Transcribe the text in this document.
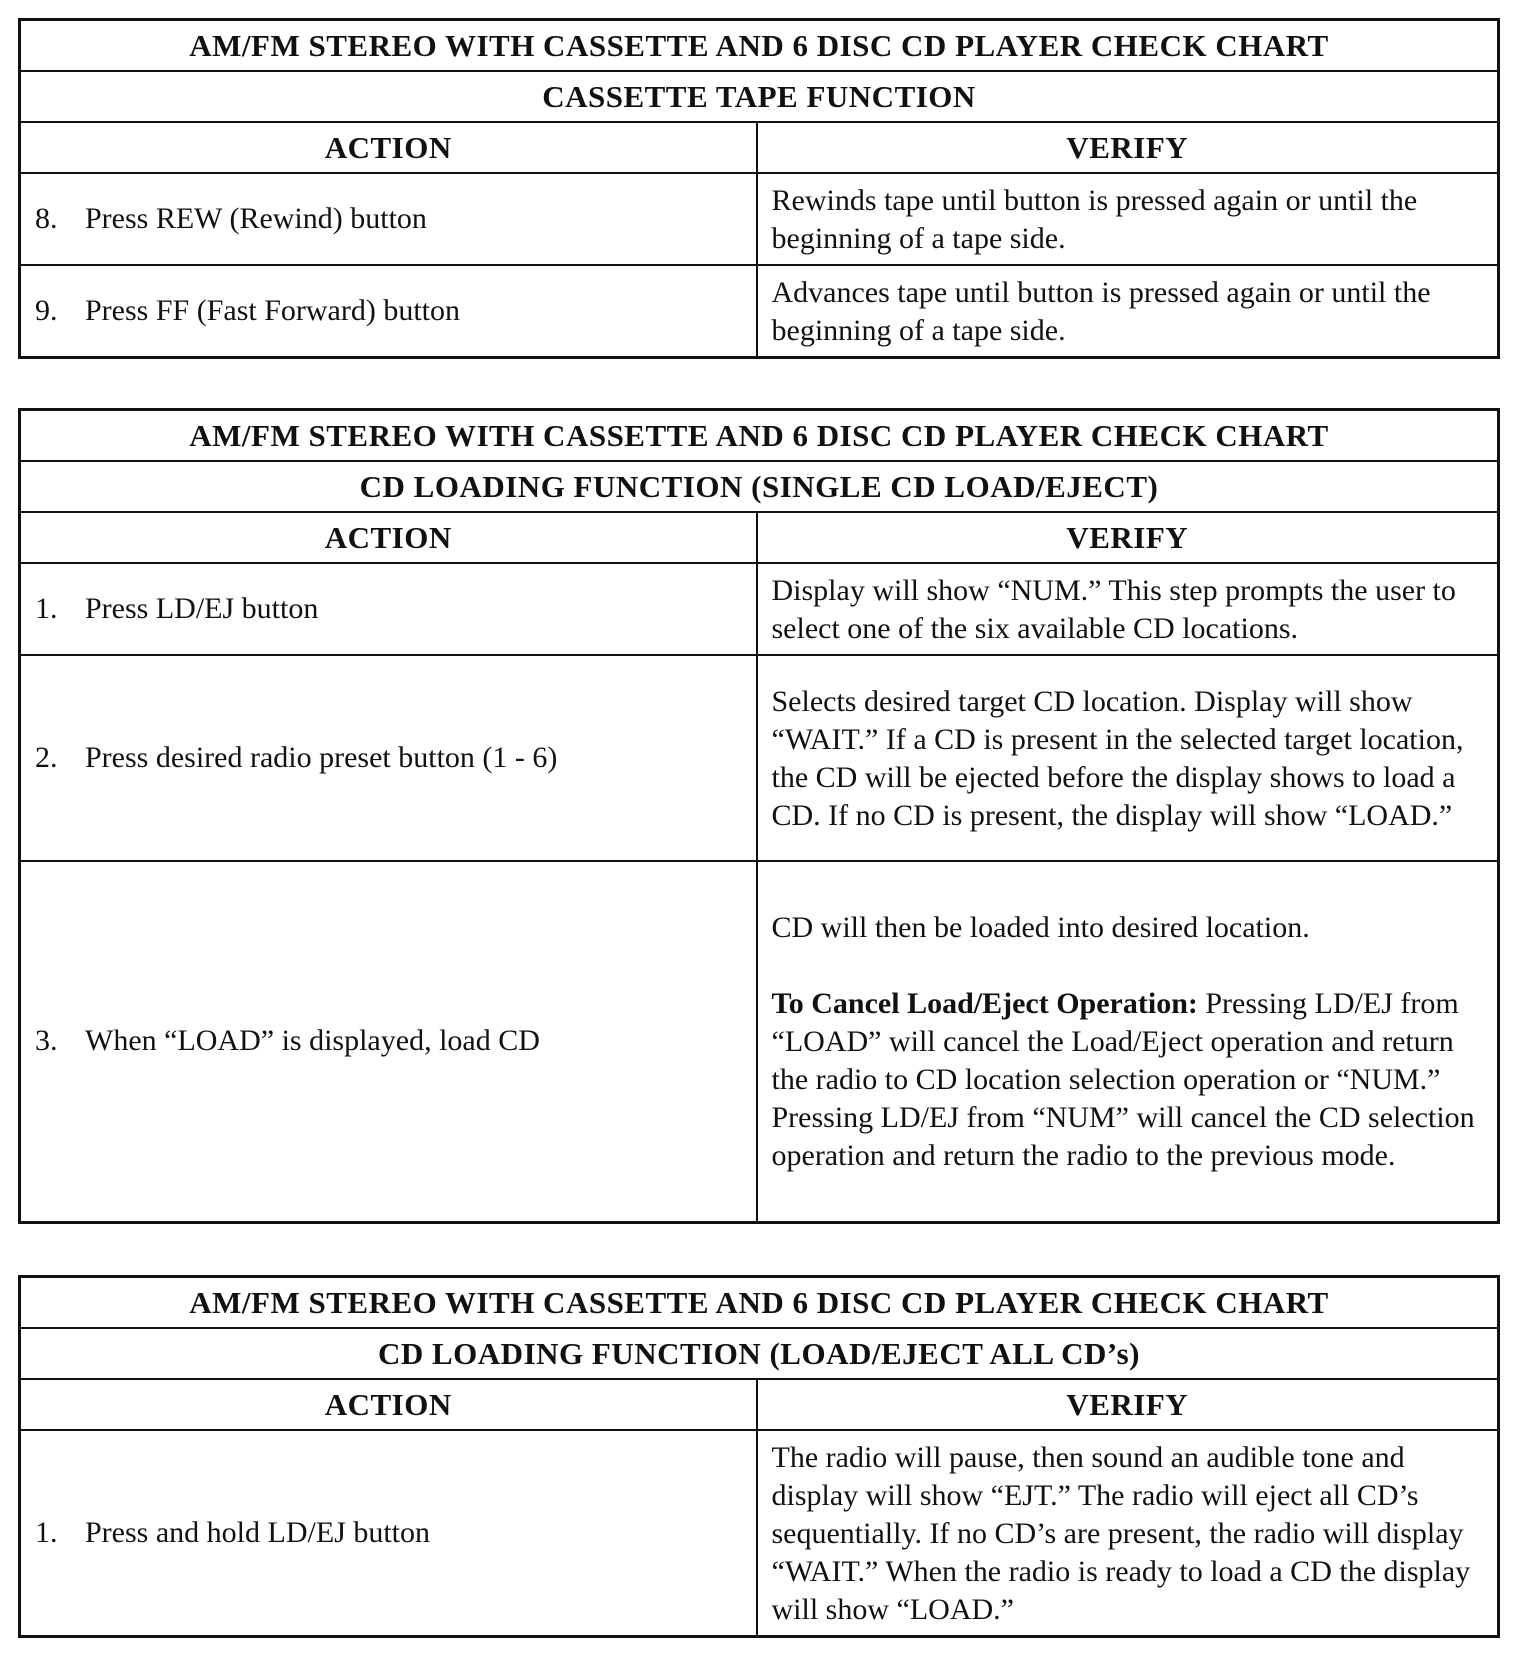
AM/FM STEREO WITH CASSETTE AND 6 DISC CD PLAYER CHECK CHART	
CASSETTE TAPE FUNCTION	
ACTION	VERIFY
8. Press REW (Rewind) button	Rewinds tape until button is pressed again or until the beginning of a tape side.
9. Press FF (Fast Forward) button	Advances tape until button is pressed again or until the beginning of a tape side.
AM/FM STEREO WITH CASSETTE AND 6 DISC CD PLAYER CHECK CHART	
CD LOADING FUNCTION (SINGLE CD LOAD/EJECT)	
ACTION	VERIFY
1. Press LD/EJ button	Display will show “NUM.” This step prompts the user to select one of the six available CD locations.
2. Press desired radio preset button (1 - 6)	Selects desired target CD location. Display will show “WAIT.” If a CD is present in the selected target location, the CD will be ejected before the display shows to load a CD. If no CD is present, the display will show “LOAD.”
3. When “LOAD” is displayed, load CD	CD will then be loaded into desired location.

To Cancel Load/Eject Operation: Pressing LD/EJ from “LOAD” will cancel the Load/Eject operation and return the radio to CD location selection operation or “NUM.”

Pressing LD/EJ from “NUM” will cancel the CD selection operation and return the radio to the previous mode.

AM/FM STEREO WITH CASSETTE AND 6 DISC CD PLAYER CHECK CHART	
CD LOADING FUNCTION (LOAD/EJECT ALL CD’s)	
ACTION	VERIFY
1. Press and hold LD/EJ button	The radio will pause, then sound an audible tone and display will show “EJT.” The radio will eject all CD’s sequentially. If no CD’s are present, the radio will display “WAIT.” When the radio is ready to load a CD the display will show “LOAD.”
